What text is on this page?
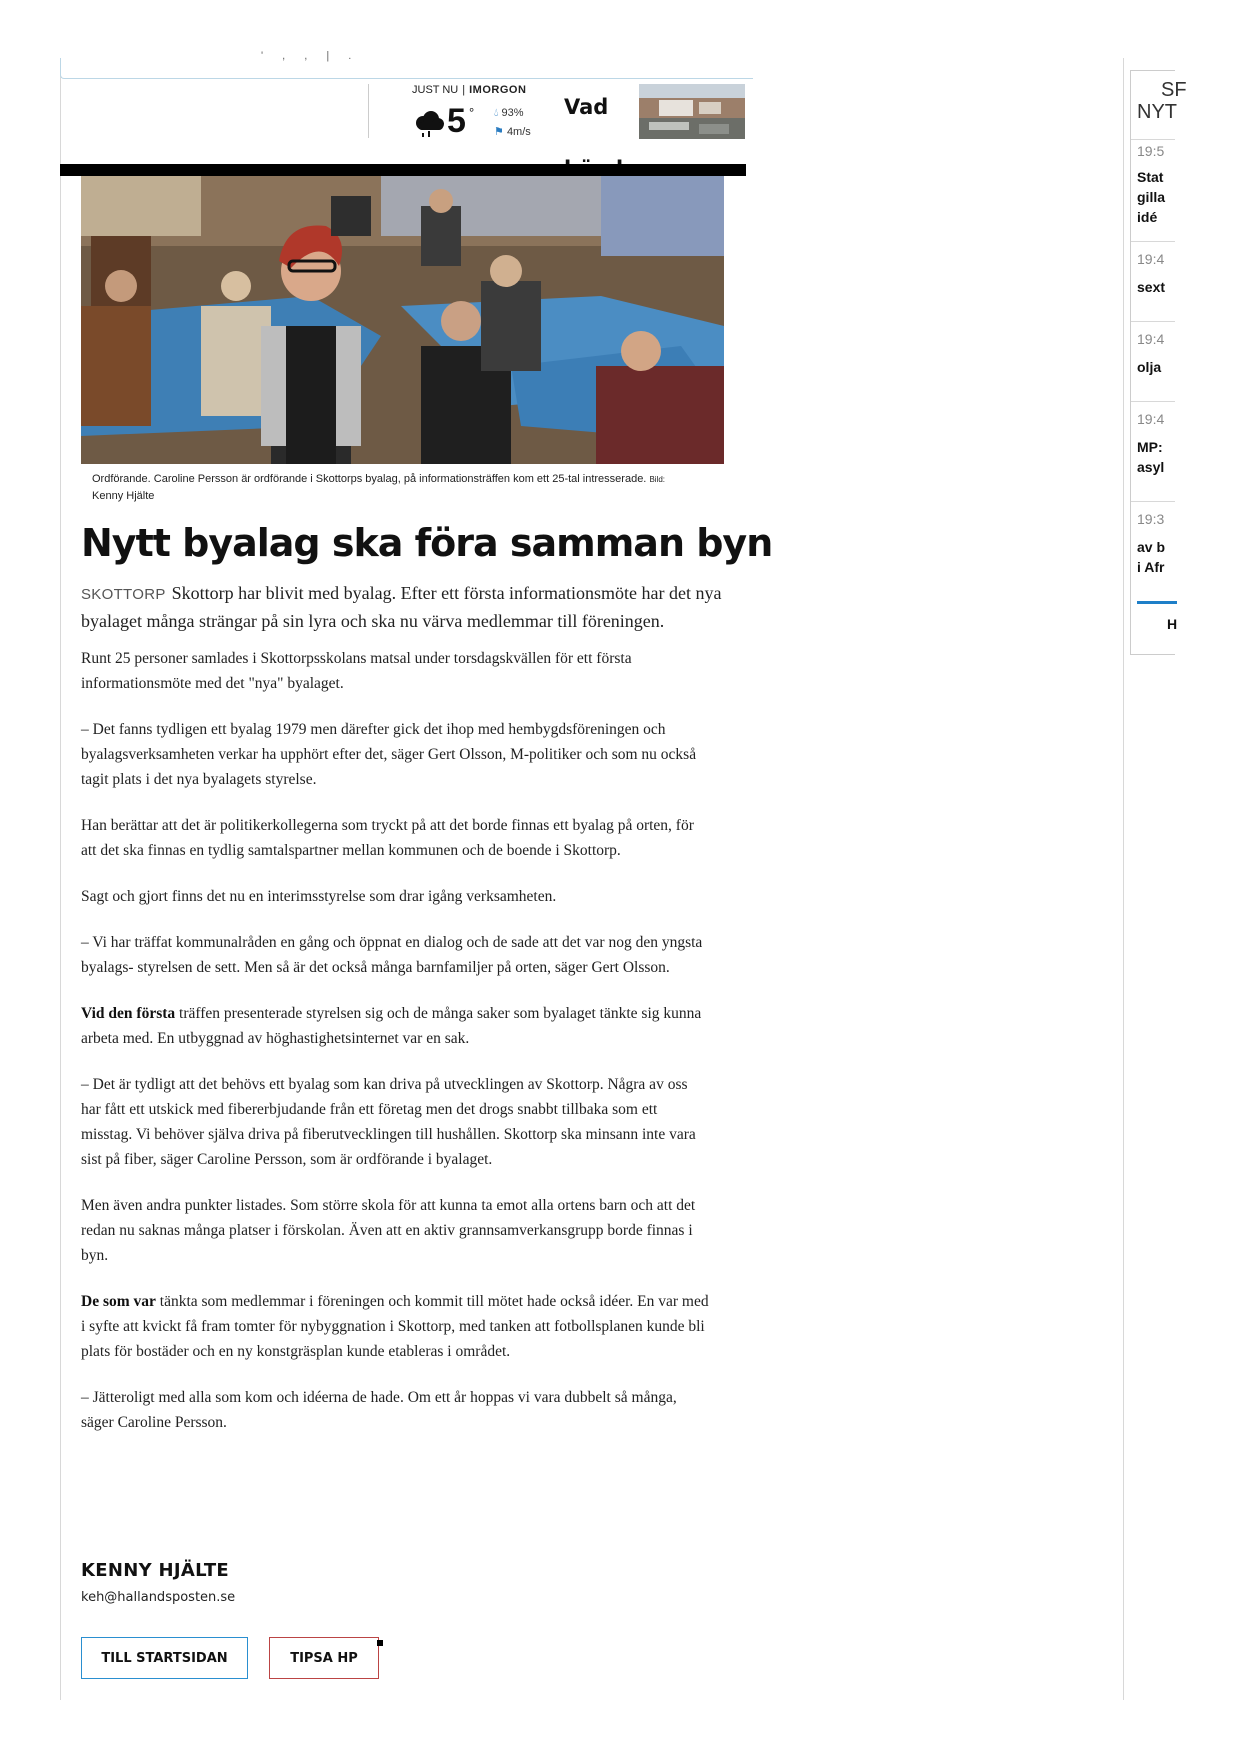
' , , | .
JUST NU | IMORGON
5 ° 💧︎ 93%
⚑ 4m/s
Vad
Ordförande. Caroline Persson är ordförande i Skottorps byalag, på informationsträffen kom ett 25-tal intresserade. Bild: Kenny Hjälte
Nytt byalag ska föra samman byn
SKOTTORP Skottorp har blivit med byalag. Efter ett första informationsmöte har det nya byalaget många strängar på sin lyra och ska nu värva medlemmar till föreningen.

Runt 25 personer samlades i Skottorpsskolans matsal under torsdagskvällen för ett första informationsmöte med det "nya" byalaget.

– Det fanns tydligen ett byalag 1979 men därefter gick det ihop med hembygdsföreningen och byalagsverksamheten verkar ha upphört efter det, säger Gert Olsson, M-politiker och som nu också tagit plats i det nya byalagets styrelse.

Han berättar att det är politikerkollegerna som tryckt på att det borde finnas ett byalag på orten, för att det ska finnas en tydlig samtalspartner mellan kommunen och de boende i Skottorp.

Sagt och gjort finns det nu en interimsstyrelse som drar igång verksamheten.

– Vi har träffat kommunalråden en gång och öppnat en dialog och de sade att det var nog den yngsta byalags- styrelsen de sett. Men så är det också många barnfamiljer på orten, säger Gert Olsson.

Vid den första träffen presenterade styrelsen sig och de många saker som byalaget tänkte sig kunna arbeta med. En utbyggnad av höghastighetsinternet var en sak.

– Det är tydligt att det behövs ett byalag som kan driva på utvecklingen av Skottorp. Några av oss har fått ett utskick med fibererbjudande från ett företag men det drogs snabbt tillbaka som ett misstag. Vi behöver själva driva på fiberutvecklingen till hushållen. Skottorp ska minsann inte vara sist på fiber, säger Caroline Persson, som är ordförande i byalaget.

Men även andra punkter listades. Som större skola för att kunna ta emot alla ortens barn och att det redan nu saknas många platser i förskolan. Även att en aktiv grannsamverkansgrupp borde finnas i byn.

De som var tänkta som medlemmar i föreningen och kommit till mötet hade också idéer. En var med i syfte att kvickt få fram tomter för nybyggnation i Skottorp, med tanken att fotbollsplanen kunde bli plats för bostäder och en ny konstgräsplan kunde etableras i området.

– Jätteroligt med alla som kom och idéerna de hade. Om ett år hoppas vi vara dubbelt så många, säger Caroline Persson.

KENNY HJÄLTE
keh@hallandsposten.se
TILL STARTSIDAN	TIPSA HP
SF
NYT
19:5
Stat
gilla
idé
19:4
sext
19:4
olja
19:4
MP:
asyl
19:3
av b
i Afr
H
